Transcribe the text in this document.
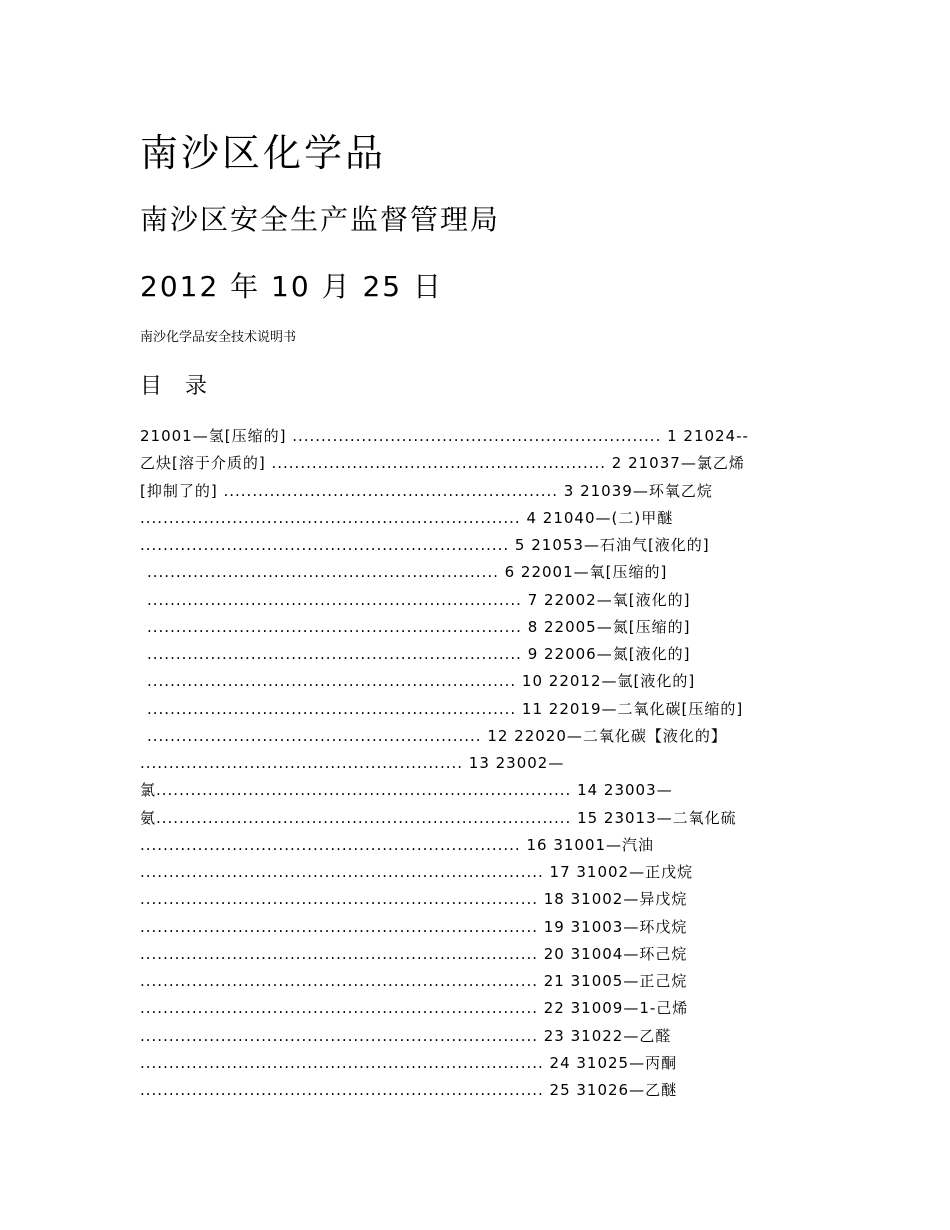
南沙区化学品
南沙区安全生产监督管理局
2012 年 10 月 25 日
南沙化学品安全技术说明书
目 录
21001—氢[压缩的] ................................................................ 1 21024--
乙炔[溶于介质的] .......................................................... 2 21037—氯乙烯
[抑制了的] .......................................................... 3 21039—环氧乙烷
.................................................................. 4 21040—(二)甲醚
................................................................ 5 21053—石油气[液化的]
............................................................. 6 22001—氧[压缩的]
................................................................. 7 22002—氧[液化的]
................................................................. 8 22005—氮[压缩的]
................................................................. 9 22006—氮[液化的]
................................................................ 10 22012—氩[液化的]
................................................................ 11 22019—二氧化碳[压缩的]
.......................................................... 12 22020—二氧化碳【液化的】
........................................................ 13 23002—
氯........................................................................ 14 23003—
氨........................................................................ 15 23013—二氧化硫
.................................................................. 16 31001—汽油
...................................................................... 17 31002—正戊烷
..................................................................... 18 31002—异戊烷
..................................................................... 19 31003—环戊烷
..................................................................... 20 31004—环己烷
..................................................................... 21 31005—正己烷
..................................................................... 22 31009—1-己烯
..................................................................... 23 31022—乙醛
...................................................................... 24 31025—丙酮
...................................................................... 25 31026—乙醚
